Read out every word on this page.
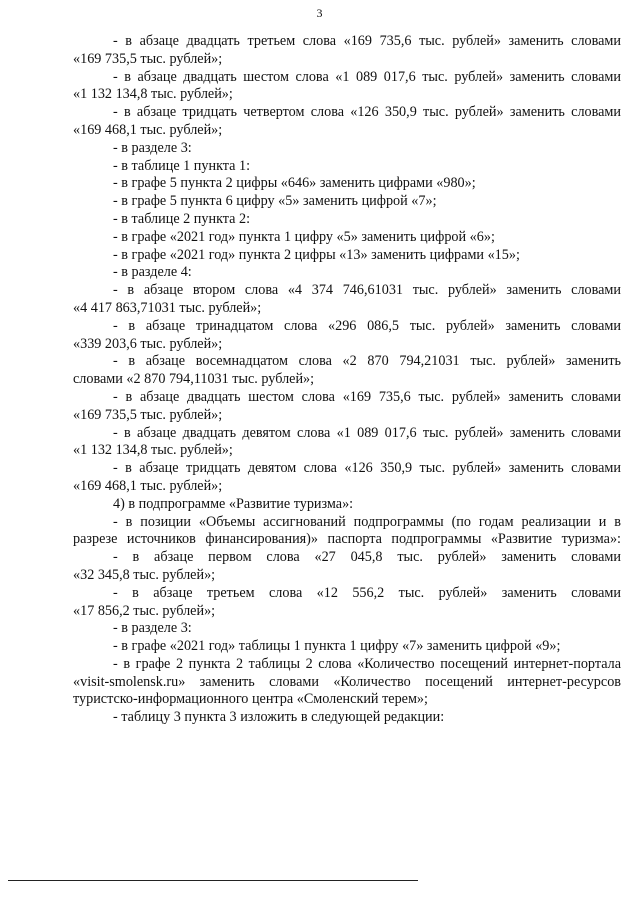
3
- в абзаце двадцать третьем слова «169 735,6 тыс. рублей» заменить словами
«169 735,5 тыс. рублей»;
- в абзаце двадцать шестом слова «1 089 017,6 тыс. рублей» заменить словами
«1 132 134,8 тыс. рублей»;
- в абзаце тридцать четвертом слова «126 350,9 тыс. рублей» заменить словами
«169 468,1 тыс. рублей»;
- в разделе 3:
- в таблице 1 пункта 1:
- в графе 5 пункта 2 цифры «646» заменить цифрами «980»;
- в графе 5 пункта 6 цифру «5» заменить цифрой «7»;
- в таблице 2 пункта 2:
- в графе «2021 год» пункта 1 цифру «5» заменить цифрой «6»;
- в графе «2021 год» пункта 2 цифры «13» заменить цифрами «15»;
- в разделе 4:
- в абзаце втором слова «4 374 746,61031 тыс. рублей» заменить словами
«4 417 863,71031 тыс. рублей»;
- в абзаце тринадцатом слова «296 086,5 тыс. рублей» заменить словами
«339 203,6 тыс. рублей»;
- в абзаце восемнадцатом слова «2 870 794,21031 тыс. рублей» заменить
словами «2 870 794,11031 тыс. рублей»;
- в абзаце двадцать шестом слова «169 735,6 тыс. рублей» заменить словами
«169 735,5 тыс. рублей»;
- в абзаце двадцать девятом слова «1 089 017,6 тыс. рублей» заменить словами
«1 132 134,8 тыс. рублей»;
- в абзаце тридцать девятом слова «126 350,9 тыс. рублей» заменить словами
«169 468,1 тыс. рублей»;
4) в подпрограмме «Развитие туризма»:
- в позиции «Объемы ассигнований подпрограммы (по годам реализации и в
разрезе источников финансирования)» паспорта подпрограммы «Развитие туризма»:
- в абзаце первом слова «27 045,8 тыс. рублей» заменить словами
«32 345,8 тыс. рублей»;
- в абзаце третьем слова «12 556,2 тыс. рублей» заменить словами
«17 856,2 тыс. рублей»;
- в разделе 3:
- в графе «2021 год» таблицы 1 пункта 1 цифру «7» заменить цифрой «9»;
- в графе 2 пункта 2 таблицы 2 слова «Количество посещений интернет-портала
«visit-smolensk.ru» заменить словами «Количество посещений интернет-ресурсов
туристско-информационного центра «Смоленский терем»;
- таблицу 3 пункта 3 изложить в следующей редакции:
